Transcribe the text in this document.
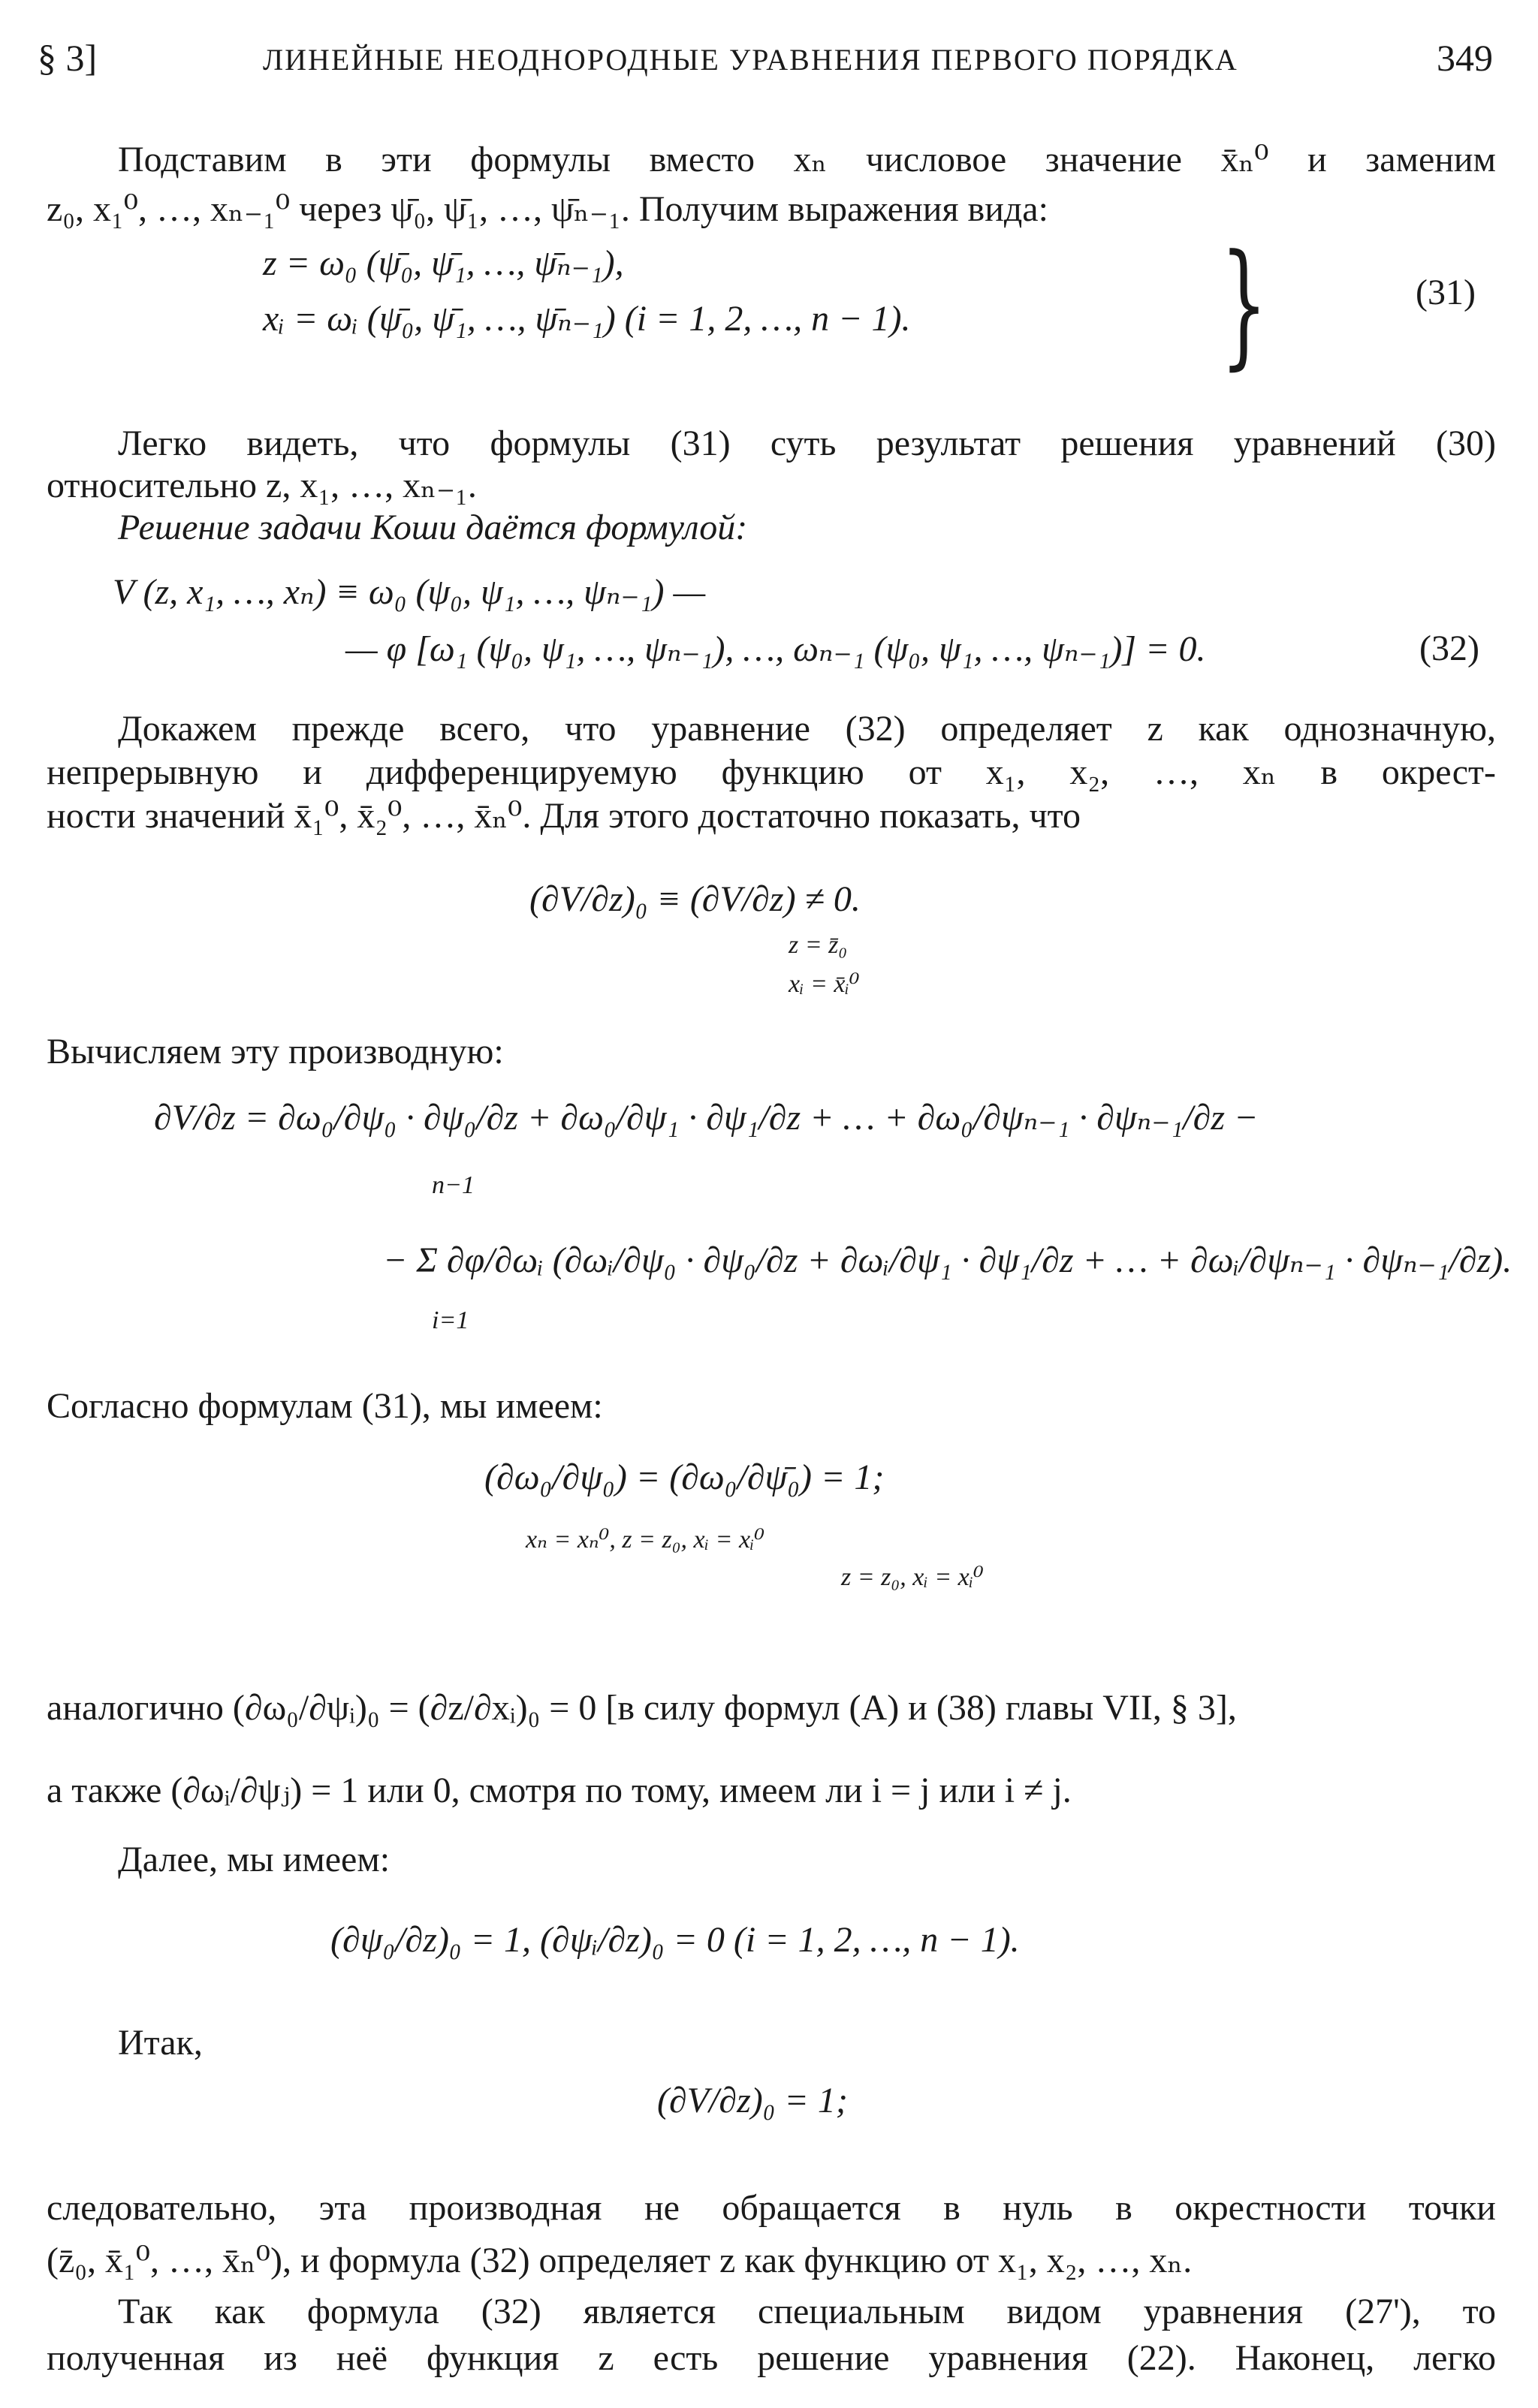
§ 3]	ЛИНЕЙНЫЕ НЕОДНОРОДНЫЕ УРАВНЕНИЯ ПЕРВОГО ПОРЯДКА	349
Подставим в эти формулы вместо xₙ числовое значение x̄ₙ⁰ и заменим
z₀, x₁⁰, …, xₙ₋₁⁰ через ψ̄₀, ψ̄₁, …, ψ̄ₙ₋₁. Получим выражения вида:
z = ω₀ (ψ̄₀, ψ̄₁, …, ψ̄ₙ₋₁),
xᵢ = ωᵢ (ψ̄₀, ψ̄₁, …, ψ̄ₙ₋₁) (i = 1, 2, …, n − 1). }	(31)
Легко видеть, что формулы (31) суть результат решения уравнений (30)
относительно z, x₁, …, xₙ₋₁.
Решение задачи Коши даётся формулой:
V (z, x₁, …, xₙ) ≡ ω₀ (ψ₀, ψ₁, …, ψₙ₋₁) —
— φ [ω₁ (ψ₀, ψ₁, …, ψₙ₋₁), …, ωₙ₋₁ (ψ₀, ψ₁, …, ψₙ₋₁)] = 0.	(32)
Докажем прежде всего, что уравнение (32) определяет z как однозначную,
непрерывную и дифференцируемую функцию от x₁, x₂, …, xₙ в окрест-
ности значений x̄₁⁰, x̄₂⁰, …, x̄ₙ⁰. Для этого достаточно показать, что
(∂V/∂z)₀ ≡ (∂V/∂z) ≠ 0.
z = z̄₀
xᵢ = x̄ᵢ⁰
Вычисляем эту производную:
∂V/∂z = ∂ω₀/∂ψ₀ · ∂ψ₀/∂z + ∂ω₀/∂ψ₁ · ∂ψ₁/∂z + … + ∂ω₀/∂ψₙ₋₁ · ∂ψₙ₋₁/∂z −
n−1
− Σ ∂φ/∂ωᵢ (∂ωᵢ/∂ψ₀ · ∂ψ₀/∂z + ∂ωᵢ/∂ψ₁ · ∂ψ₁/∂z + … + ∂ωᵢ/∂ψₙ₋₁ · ∂ψₙ₋₁/∂z).
i=1
Согласно формулам (31), мы имеем:
(∂ω₀/∂ψ₀) = (∂ω₀/∂ψ̄₀) = 1;
xₙ = xₙ⁰, z = z₀, xᵢ = xᵢ⁰
z = z₀, xᵢ = xᵢ⁰
аналогично (∂ω₀/∂ψᵢ)₀ = (∂z/∂xᵢ)₀ = 0 [в силу формул (А) и (38) главы VII, § 3],
а также (∂ωᵢ/∂ψⱼ) = 1 или 0, смотря по тому, имеем ли i = j или i ≠ j.
Далее, мы имеем:
(∂ψ₀/∂z)₀ = 1, (∂ψᵢ/∂z)₀ = 0 (i = 1, 2, …, n − 1).
Итак,
(∂V/∂z)₀ = 1;
следовательно, эта производная не обращается в нуль в окрестности точки
(z̄₀, x̄₁⁰, …, x̄ₙ⁰), и формула (32) определяет z как функцию от x₁, x₂, …, xₙ.
Так как формула (32) является специальным видом уравнения (27'), то
полученная из неё функция z есть решение уравнения (22). Наконец, легко
